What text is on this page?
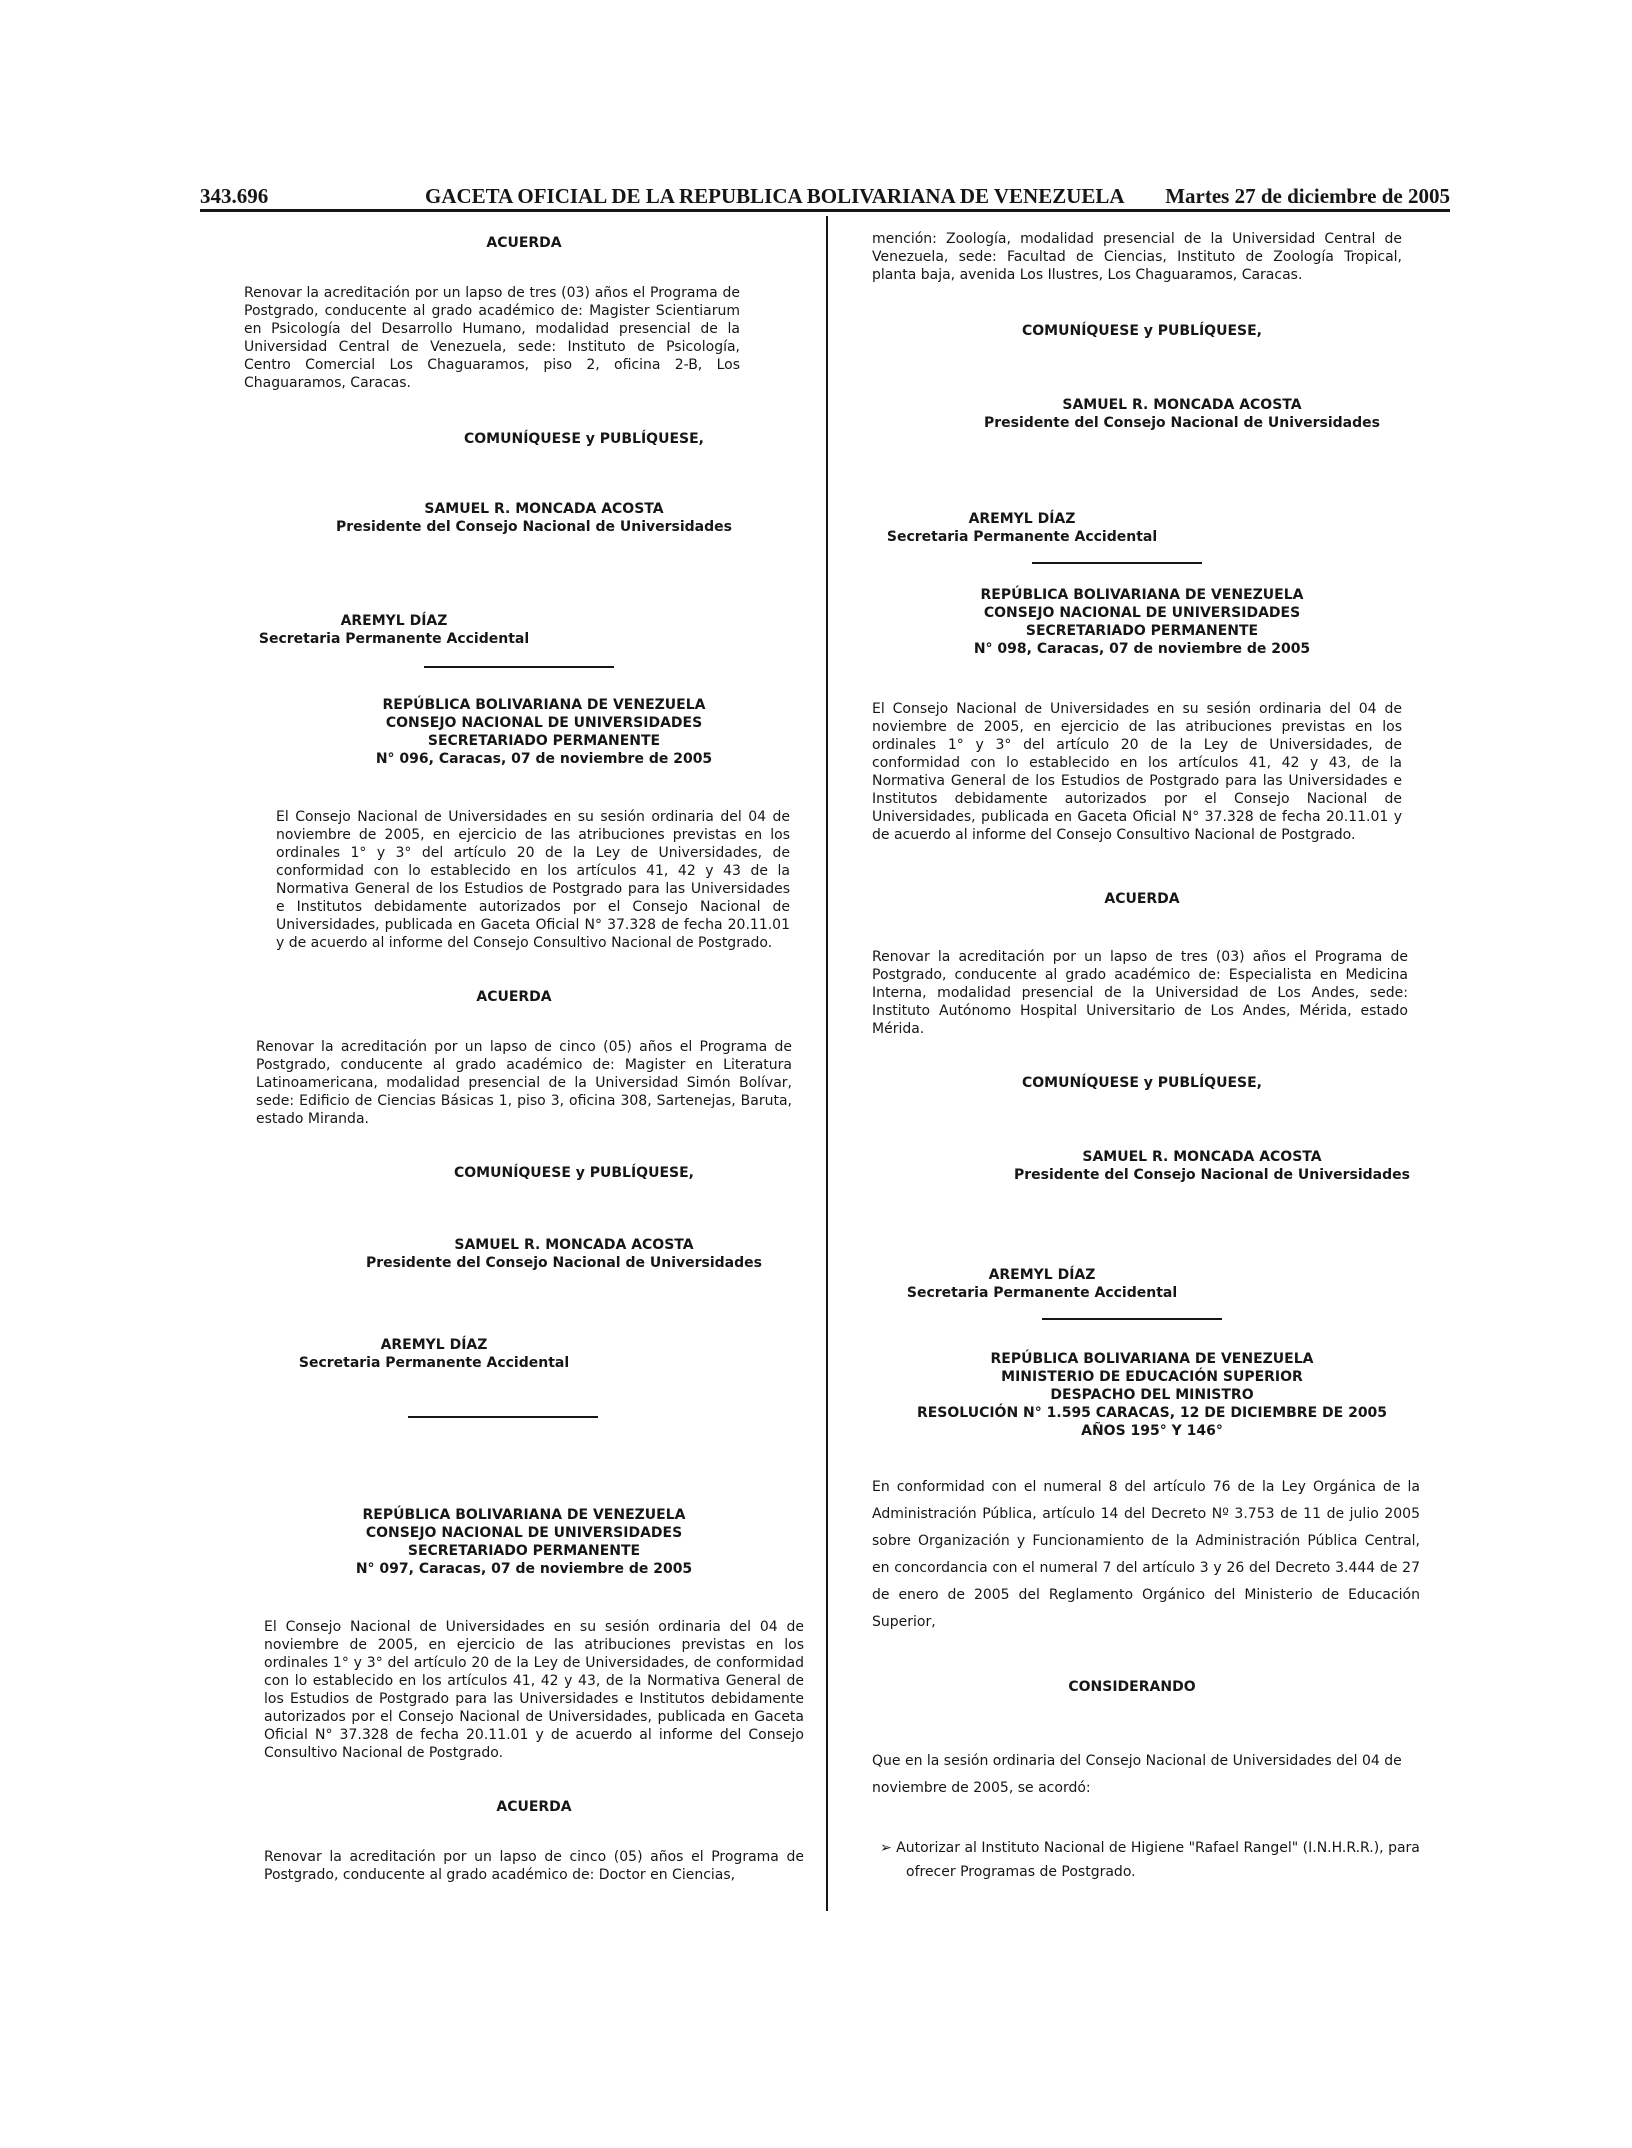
343.696	GACETA OFICIAL DE LA REPUBLICA BOLIVARIANA DE VENEZUELA Martes 27 de diciembre de 2005
ACUERDA
Renovar la acreditación por un lapso de tres (03) años el Programa de Postgrado, conducente al grado académico de: Magister Scientiarum en Psicología del Desarrollo Humano, modalidad presencial de la Universidad Central de Venezuela, sede: Instituto de Psicología, Centro Comercial Los Chaguaramos, piso 2, oficina 2-B, Los Chaguaramos, Caracas.
COMUNÍQUESE y PUBLÍQUESE,
SAMUEL R. MONCADA ACOSTA
Presidente del Consejo Nacional de Universidades
AREMYL DÍAZ
Secretaria Permanente Accidental
REPÚBLICA BOLIVARIANA DE VENEZUELA
CONSEJO NACIONAL DE UNIVERSIDADES
SECRETARIADO PERMANENTE
N° 096, Caracas, 07 de noviembre de 2005
El Consejo Nacional de Universidades en su sesión ordinaria del 04 de noviembre de 2005, en ejercicio de las atribuciones previstas en los ordinales 1° y 3° del artículo 20 de la Ley de Universidades, de conformidad con lo establecido en los artículos 41, 42 y 43 de la Normativa General de los Estudios de Postgrado para las Universidades e Institutos debidamente autorizados por el Consejo Nacional de Universidades, publicada en Gaceta Oficial N° 37.328 de fecha 20.11.01 y de acuerdo al informe del Consejo Consultivo Nacional de Postgrado.
ACUERDA
Renovar la acreditación por un lapso de cinco (05) años el Programa de Postgrado, conducente al grado académico de: Magister en Literatura Latinoamericana, modalidad presencial de la Universidad Simón Bolívar, sede: Edificio de Ciencias Básicas 1, piso 3, oficina 308, Sartenejas, Baruta, estado Miranda.
COMUNÍQUESE y PUBLÍQUESE,
SAMUEL R. MONCADA ACOSTA
Presidente del Consejo Nacional de Universidades
AREMYL DÍAZ
Secretaria Permanente Accidental
REPÚBLICA BOLIVARIANA DE VENEZUELA
CONSEJO NACIONAL DE UNIVERSIDADES
SECRETARIADO PERMANENTE
N° 097, Caracas, 07 de noviembre de 2005
El Consejo Nacional de Universidades en su sesión ordinaria del 04 de noviembre de 2005, en ejercicio de las atribuciones previstas en los ordinales 1° y 3° del artículo 20 de la Ley de Universidades, de conformidad con lo establecido en los artículos 41, 42 y 43, de la Normativa General de los Estudios de Postgrado para las Universidades e Institutos debidamente autorizados por el Consejo Nacional de Universidades, publicada en Gaceta Oficial N° 37.328 de fecha 20.11.01 y de acuerdo al informe del Consejo Consultivo Nacional de Postgrado.
ACUERDA
Renovar la acreditación por un lapso de cinco (05) años el Programa de Postgrado, conducente al grado académico de: Doctor en Ciencias,
mención: Zoología, modalidad presencial de la Universidad Central de Venezuela, sede: Facultad de Ciencias, Instituto de Zoología Tropical, planta baja, avenida Los Ilustres, Los Chaguaramos, Caracas.
COMUNÍQUESE y PUBLÍQUESE,
SAMUEL R. MONCADA ACOSTA
Presidente del Consejo Nacional de Universidades
AREMYL DÍAZ
Secretaria Permanente Accidental
REPÚBLICA BOLIVARIANA DE VENEZUELA
CONSEJO NACIONAL DE UNIVERSIDADES
SECRETARIADO PERMANENTE
N° 098, Caracas, 07 de noviembre de 2005
El Consejo Nacional de Universidades en su sesión ordinaria del 04 de noviembre de 2005, en ejercicio de las atribuciones previstas en los ordinales 1° y 3° del artículo 20 de la Ley de Universidades, de conformidad con lo establecido en los artículos 41, 42 y 43, de la Normativa General de los Estudios de Postgrado para las Universidades e Institutos debidamente autorizados por el Consejo Nacional de Universidades, publicada en Gaceta Oficial N° 37.328 de fecha 20.11.01 y de acuerdo al informe del Consejo Consultivo Nacional de Postgrado.
ACUERDA
Renovar la acreditación por un lapso de tres (03) años el Programa de Postgrado, conducente al grado académico de: Especialista en Medicina Interna, modalidad presencial de la Universidad de Los Andes, sede: Instituto Autónomo Hospital Universitario de Los Andes, Mérida, estado Mérida.
COMUNÍQUESE y PUBLÍQUESE,
SAMUEL R. MONCADA ACOSTA
Presidente del Consejo Nacional de Universidades
AREMYL DÍAZ
Secretaria Permanente Accidental
REPÚBLICA BOLIVARIANA DE VENEZUELA
MINISTERIO DE EDUCACIÓN SUPERIOR
DESPACHO DEL MINISTRO
RESOLUCIÓN N° 1.595 CARACAS, 12 DE DICIEMBRE DE 2005
AÑOS 195° Y 146°
En conformidad con el numeral 8 del artículo 76 de la Ley Orgánica de la Administración Pública, artículo 14 del Decreto Nº 3.753 de 11 de julio 2005 sobre Organización y Funcionamiento de la Administración Pública Central, en concordancia con el numeral 7 del artículo 3 y 26 del Decreto 3.444 de 27 de enero de 2005 del Reglamento Orgánico del Ministerio de Educación Superior,
CONSIDERANDO
Que en la sesión ordinaria del Consejo Nacional de Universidades del 04 de noviembre de 2005, se acordó:
➢ Autorizar al Instituto Nacional de Higiene "Rafael Rangel" (I.N.H.R.R.), para ofrecer Programas de Postgrado.
